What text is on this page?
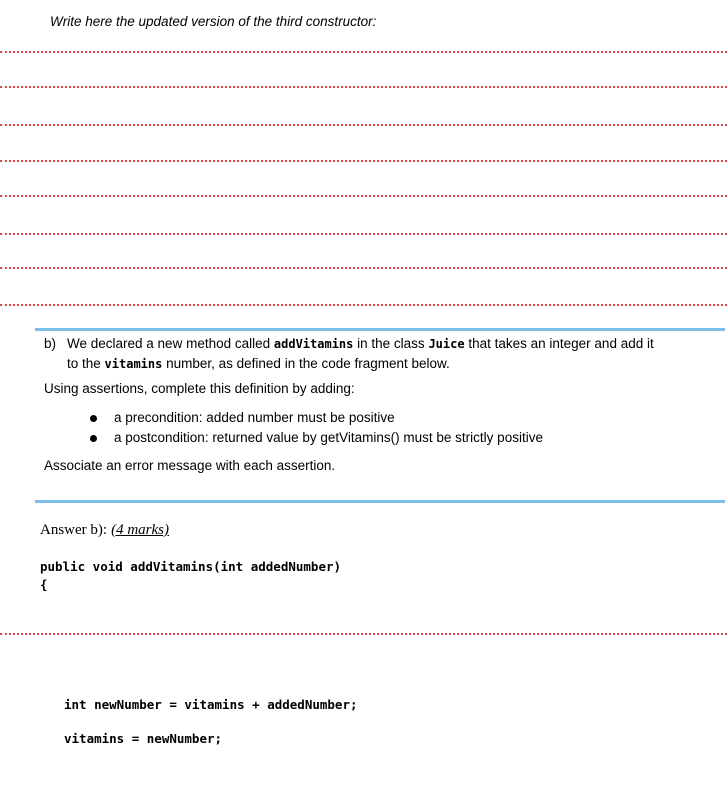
Write here the updated version of the third constructor:
b) We declared a new method called addVitamins in the class Juice that takes an integer and add it
to the vitamins number, as defined in the code fragment below.
Using assertions, complete this definition by adding:
a precondition: added number must be positive
a postcondition: returned value by getVitamins() must be strictly positive
Associate an error message with each assertion.
Answer b): (4 marks)
public void addVitamins(int addedNumber)
{
int newNumber = vitamins + addedNumber;
vitamins = newNumber;
